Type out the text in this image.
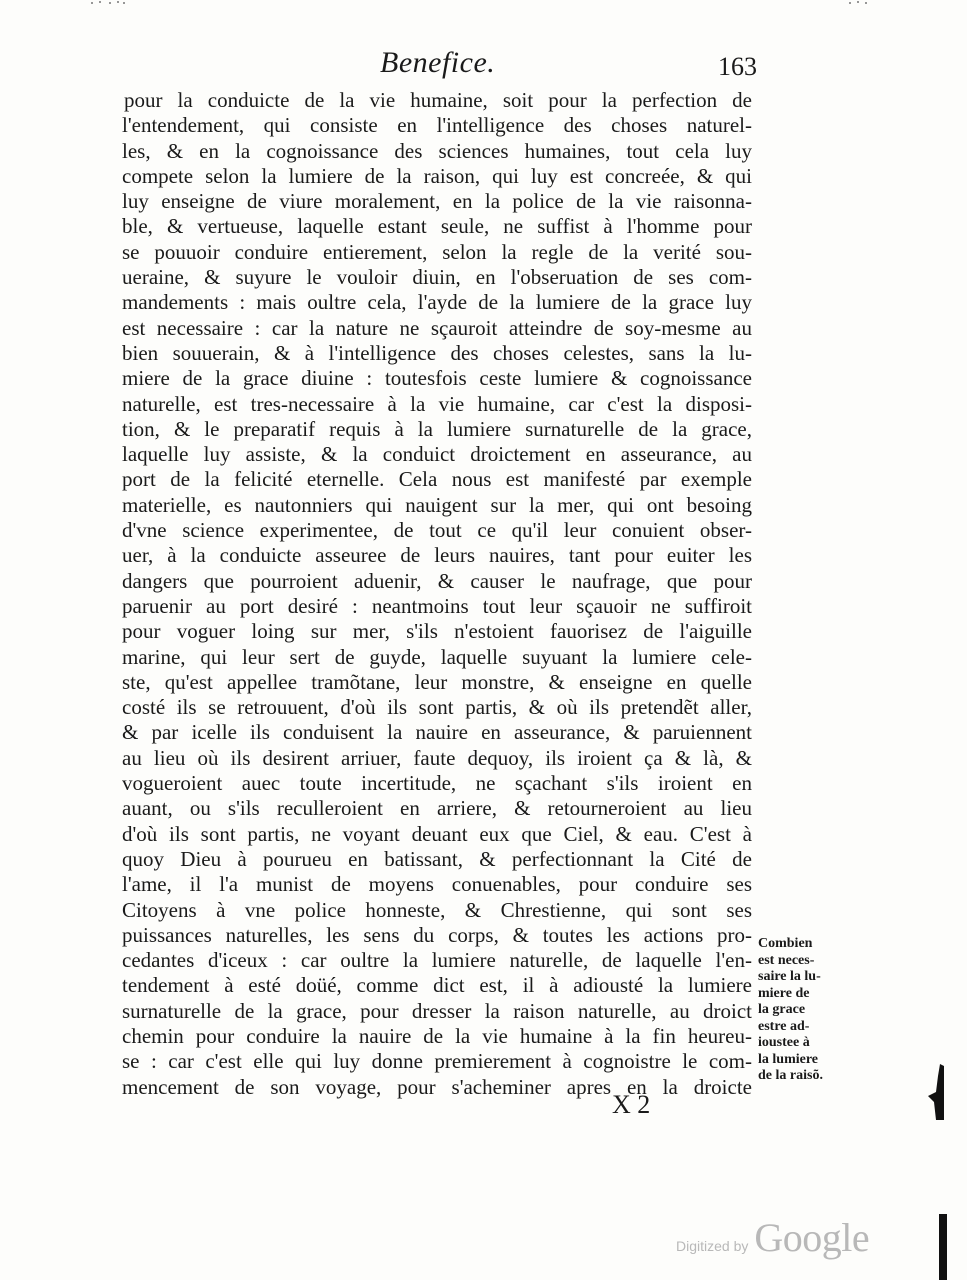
Benefice.	163
pour la conduicte de la vie humaine, soit pour la perfection de
l'entendement, qui consiste en l'intelligence des choses naturel-
les, & en la cognoissance des sciences humaines, tout cela luy
compete selon la lumiere de la raison, qui luy est concreée, & qui
luy enseigne de viure moralement, en la police de la vie raisonna-
ble, & vertueuse, laquelle estant seule, ne suffist à l'homme pour
se pouuoir conduire entierement, selon la regle de la verité sou-
ueraine, & suyure le vouloir diuin, en l'obseruation de ses com-
mandements : mais oultre cela, l'ayde de la lumiere de la grace luy
est necessaire : car la nature ne sçauroit atteindre de soy-mesme au
bien souuerain, & à l'intelligence des choses celestes, sans la lu-
miere de la grace diuine : toutesfois ceste lumiere & cognoissance
naturelle, est tres-necessaire à la vie humaine, car c'est la disposi-
tion, & le preparatif requis à la lumiere surnaturelle de la grace,
laquelle luy assiste, & la conduict droictement en asseurance, au
port de la felicité eternelle. Cela nous est manifesté par exemple
materielle, es nautonniers qui nauigent sur la mer, qui ont besoing
d'vne science experimentee, de tout ce qu'il leur conuient obser-
uer, à la conduicte asseuree de leurs nauires, tant pour euiter les
dangers que pourroient aduenir, & causer le naufrage, que pour
paruenir au port desiré : neantmoins tout leur sçauoir ne suffiroit
pour voguer loing sur mer, s'ils n'estoient fauorisez de l'aiguille
marine, qui leur sert de guyde, laquelle suyuant la lumiere cele-
ste, qu'est appellee tramõtane, leur monstre, & enseigne en quelle
costé ils se retrouuent, d'où ils sont partis, & où ils pretendẽt aller,
& par icelle ils conduisent la nauire en asseurance, & paruiennent
au lieu où ils desirent arriuer, faute dequoy, ils iroient ça & là, &
vogueroient auec toute incertitude, ne sçachant s'ils iroient en
auant, ou s'ils reculleroient en arriere, & retourneroient au lieu
d'où ils sont partis, ne voyant deuant eux que Ciel, & eau. C'est à
quoy Dieu à pourueu en batissant, & perfectionnant la Cité de
l'ame, il l'a munist de moyens conuenables, pour conduire ses
Citoyens à vne police honneste, & Chrestienne, qui sont ses
puissances naturelles, les sens du corps, & toutes les actions pro-
cedantes d'iceux : car oultre la lumiere naturelle, de laquelle l'en-
tendement à esté doüé, comme dict est, il à adiousté la lumiere
surnaturelle de la grace, pour dresser la raison naturelle, au droict
chemin pour conduire la nauire de la vie humaine à la fin heureu-
se : car c'est elle qui luy donne premierement à cognoistre le com-
mencement de son voyage, pour s'acheminer apres en la droicte
Combien
est neces-
saire la lu-
miere de
la grace
estre ad-
ioustee à
la lumiere
de la raisõ.
X 2
Digitized by Google
